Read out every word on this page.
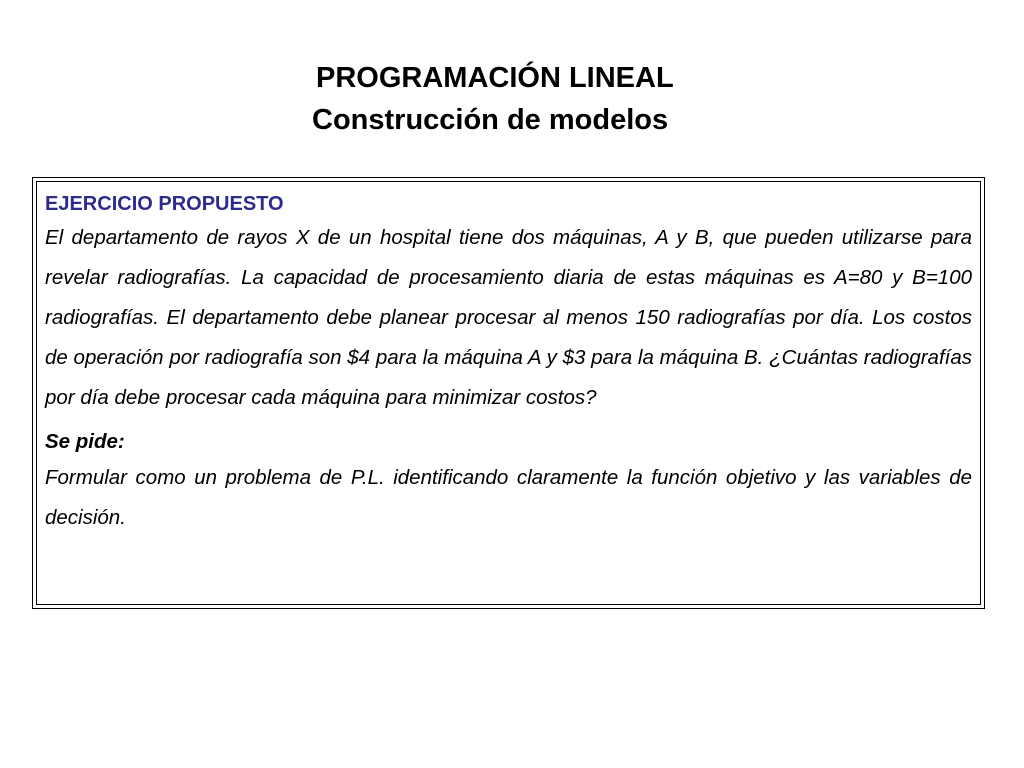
PROGRAMACIÓN LINEAL
Construcción de modelos
EJERCICIO PROPUESTO

El departamento de rayos X de un hospital tiene dos máquinas, A y B, que pueden utilizarse para revelar radiografías. La capacidad de procesamiento diaria de estas máquinas es A=80 y B=100 radiografías. El departamento debe planear procesar al menos 150 radiografías por día. Los costos de operación por radiografía son $4 para la máquina A y $3 para la máquina B. ¿Cuántas radiografías por día debe procesar cada máquina para minimizar costos?

Se pide:

Formular como un problema de P.L. identificando claramente la función objetivo y las variables de decisión.
